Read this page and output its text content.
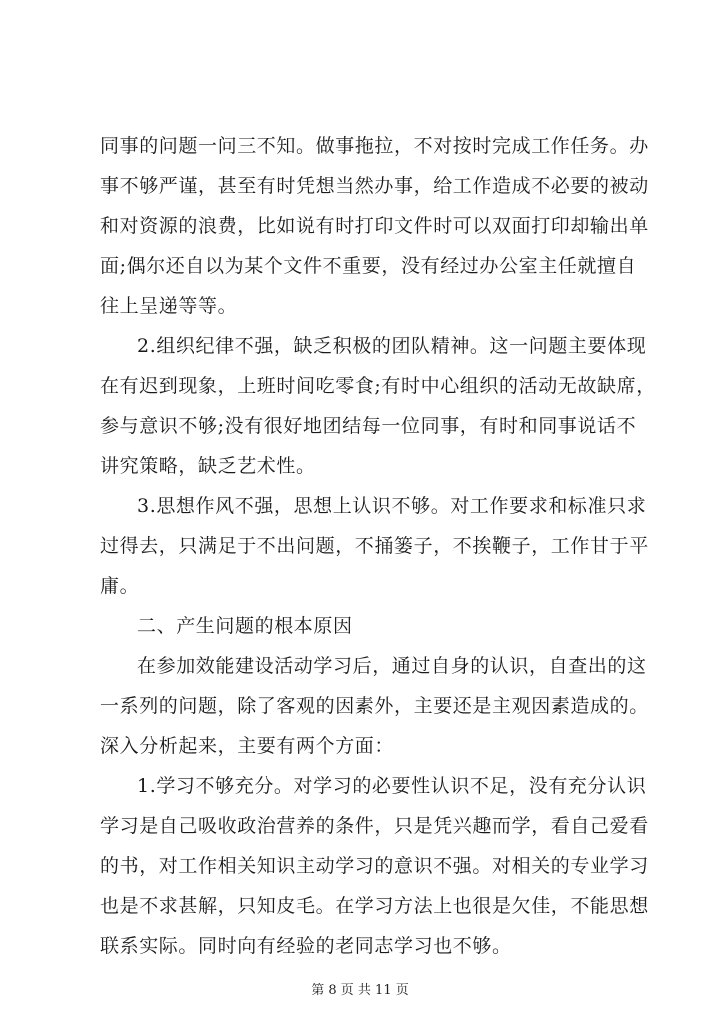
同事的问题一问三不知。做事拖拉，不对按时完成工作任务。办
事不够严谨，甚至有时凭想当然办事，给工作造成不必要的被动
和对资源的浪费，比如说有时打印文件时可以双面打印却输出单
面;偶尔还自以为某个文件不重要，没有经过办公室主任就擅自
往上呈递等等。
2.组织纪律不强，缺乏积极的团队精神。这一问题主要体现
在有迟到现象，上班时间吃零食;有时中心组织的活动无故缺席，
参与意识不够;没有很好地团结每一位同事，有时和同事说话不
讲究策略，缺乏艺术性。
3.思想作风不强，思想上认识不够。对工作要求和标准只求
过得去，只满足于不出问题，不捅篓子，不挨鞭子，工作甘于平
庸。
二、产生问题的根本原因
在参加效能建设活动学习后，通过自身的认识，自查出的这
一系列的问题，除了客观的因素外，主要还是主观因素造成的。
深入分析起来，主要有两个方面：
1.学习不够充分。对学习的必要性认识不足，没有充分认识
学习是自己吸收政治营养的条件，只是凭兴趣而学，看自己爱看
的书，对工作相关知识主动学习的意识不强。对相关的专业学习
也是不求甚解，只知皮毛。在学习方法上也很是欠佳，不能思想
联系实际。同时向有经验的老同志学习也不够。
第 8 页 共 11 页
